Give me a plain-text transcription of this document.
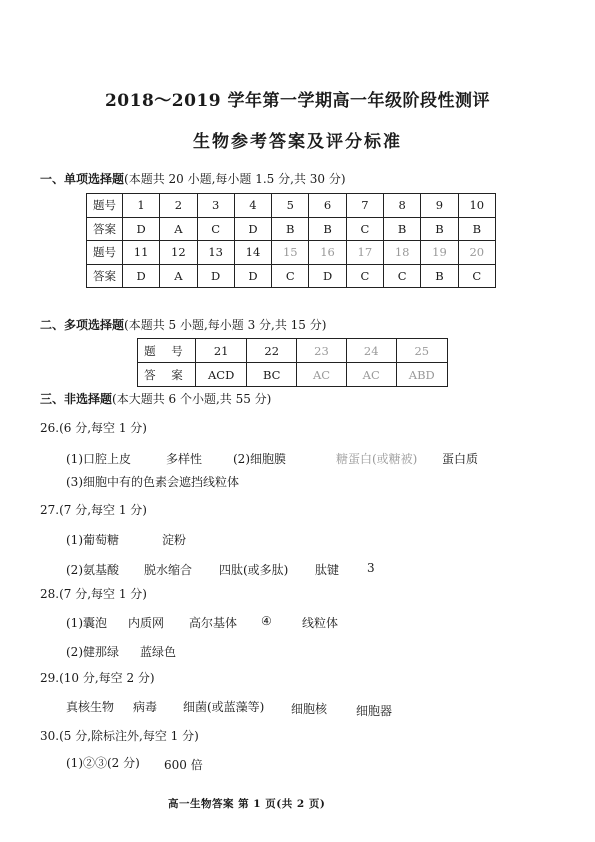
2018～2019 学年第一学期高一年级阶段性测评
生物参考答案及评分标准
一、单项选择题(本题共 20 小题,每小题 1.5 分,共 30 分)
题号	1	2	3	4	5	6	7	8	9	10
答案	D	A	C	D	B	B	C	B	B	B
题号	11	12	13	14	15	16	17	18	19	20
答案	D	A	D	D	C	D	C	C	B	C
二、多项选择题(本题共 5 小题,每小题 3 分,共 15 分)
题 号	21	22	23	24	25
答 案	ACD	BC	AC	AC	ABD
三、非选择题(本大题共 6 个小题,共 55 分)
26.(6 分,每空 1 分)
(1)口腔上皮	多样性	(2)细胞膜	糖蛋白(或糖被) 蛋白质
(3)细胞中有的色素会遮挡线粒体
27.(7 分,每空 1 分)
(1)葡萄糖	淀粉
(2)氨基酸 脱水缩合 四肽(或多肽) 肽键 3
28.(7 分,每空 1 分)
(1)囊泡 内质网 高尔基体 ④	线粒体
(2)健那绿 蓝绿色
29.(10 分,每空 2 分)
真核生物 病毒 细菌(或蓝藻等) 细胞核 细胞器
30.(5 分,除标注外,每空 1 分)
(1)②③(2 分) 600 倍
高一生物答案 第 1 页(共 2 页)
